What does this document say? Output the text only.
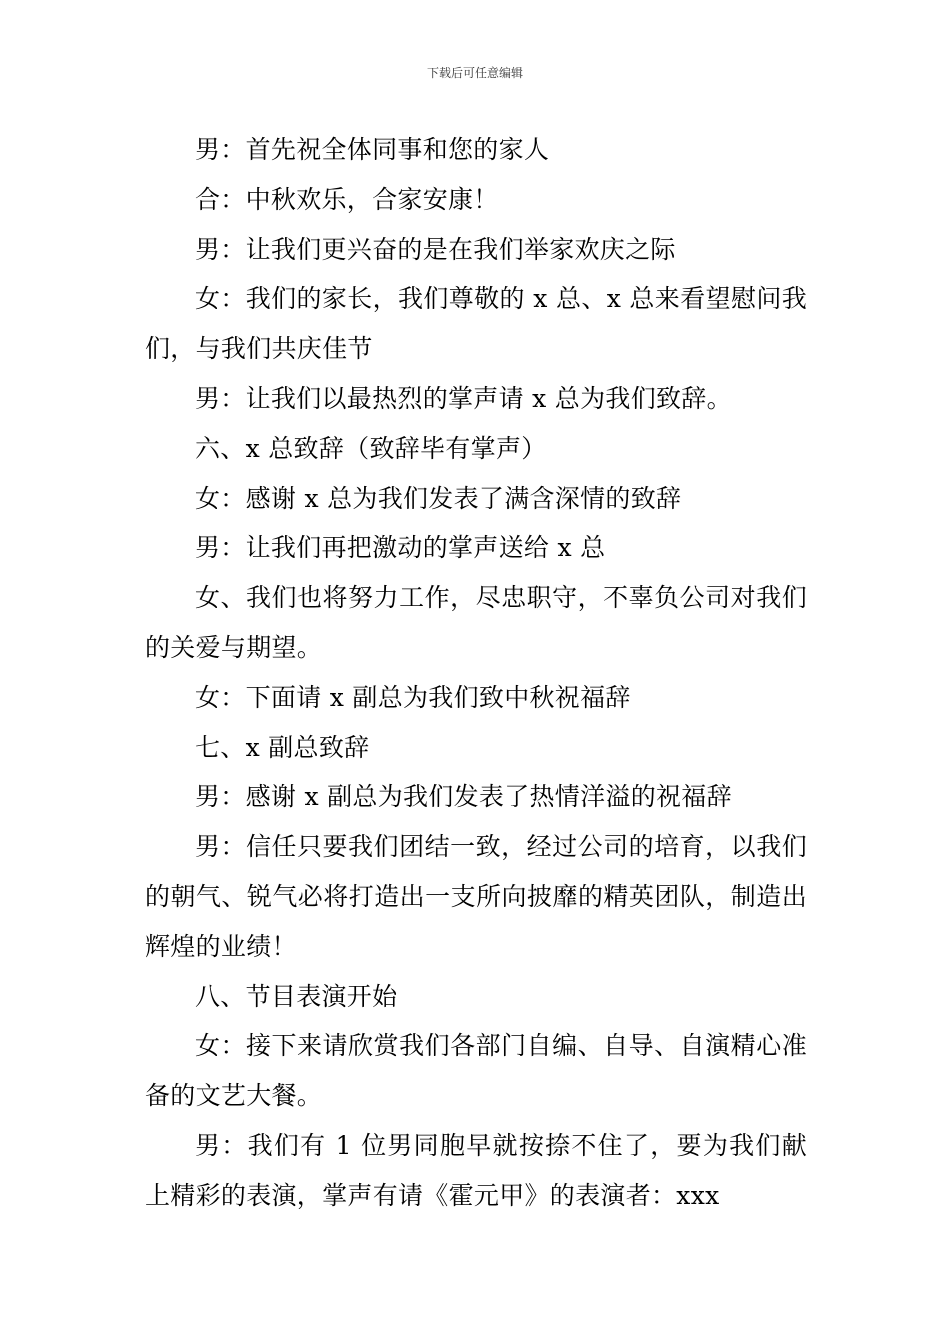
下载后可任意编辑

男：首先祝全体同事和您的家人

合：中秋欢乐，合家安康！

男：让我们更兴奋的是在我们举家欢庆之际

女：我们的家长，我们尊敬的 x 总、x 总来看望慰问我们，与我们共庆佳节

男：让我们以最热烈的掌声请 x 总为我们致辞。

六、x 总致辞（致辞毕有掌声）

女：感谢 x 总为我们发表了满含深情的致辞

男：让我们再把激动的掌声送给 x 总

女、我们也将努力工作，尽忠职守，不辜负公司对我们的关爱与期望。

女：下面请 x 副总为我们致中秋祝福辞

七、x 副总致辞

男：感谢 x 副总为我们发表了热情洋溢的祝福辞

男：信任只要我们团结一致，经过公司的培育，以我们的朝气、锐气必将打造出一支所向披靡的精英团队，制造出辉煌的业绩！

八、节目表演开始

女：接下来请欣赏我们各部门自编、自导、自演精心准备的文艺大餐。

男：我们有 1 位男同胞早就按捺不住了，要为我们献上精彩的表演，掌声有请《霍元甲》的表演者：xxx
